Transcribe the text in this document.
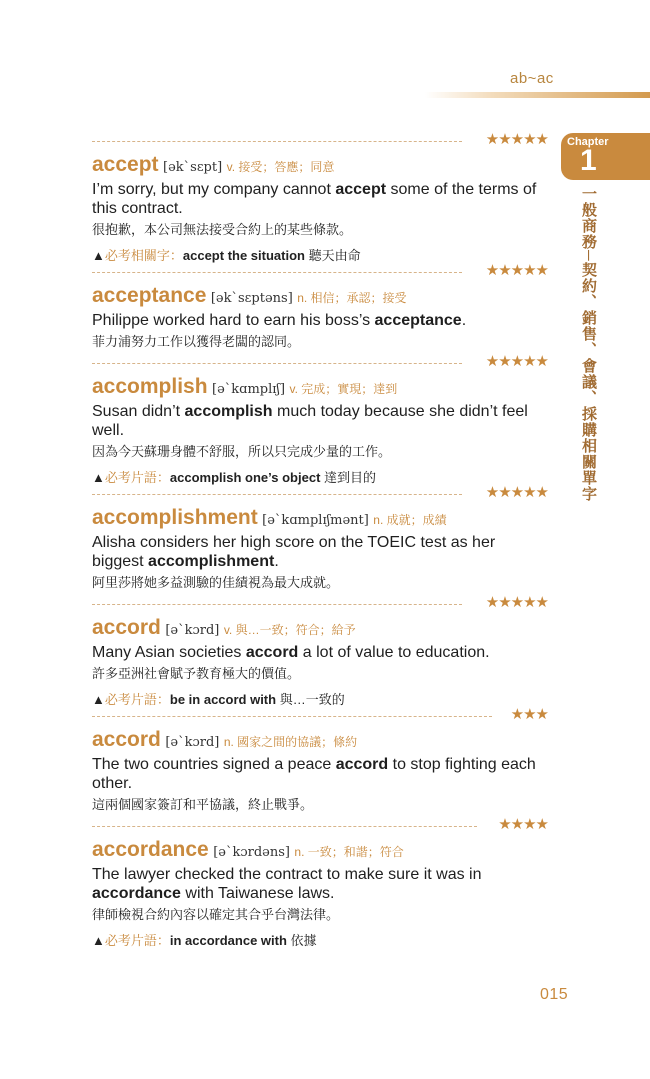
ab~ac
Chapter
1
一般商務─契約、銷售、會議、採購相關單字
★★★★★
accept [əkˋsɛpt] v. 接受；答應；同意
I’m sorry, but my company cannot accept some of the terms of this contract.
很抱歉，本公司無法接受合約上的某些條款。
▲必考相關字：accept the situation 聽天由命
★★★★★
acceptance [əkˋsɛptəns] n. 相信；承認；接受
Philippe worked hard to earn his boss’s acceptance.
菲力浦努力工作以獲得老闆的認同。
★★★★★
accomplish [əˋkɑmplɪʃ] v. 完成；實現；達到
Susan didn’t accomplish much today because she didn’t feel well.
因為今天蘇珊身體不舒服，所以只完成少量的工作。
▲必考片語：accomplish one’s object 達到目的
★★★★★
accomplishment [əˋkɑmplɪʃmənt] n. 成就；成績
Alisha considers her high score on the TOEIC test as her biggest accomplishment.
阿里莎將她多益測驗的佳績視為最大成就。
★★★★★
accord [əˋkɔrd] v. 與…一致；符合；給予
Many Asian societies accord a lot of value to education.
許多亞洲社會賦予教育極大的價值。
▲必考片語：be in accord with 與…一致的
★★★
accord [əˋkɔrd] n. 國家之間的協議；條約
The two countries signed a peace accord to stop fighting each other.
這兩個國家簽訂和平協議，終止戰爭。
★★★★
accordance [əˋkɔrdəns] n. 一致；和諧；符合
The lawyer checked the contract to make sure it was in accordance with Taiwanese laws.
律師檢視合約內容以確定其合乎台灣法律。
▲必考片語：in accordance with 依據
015
